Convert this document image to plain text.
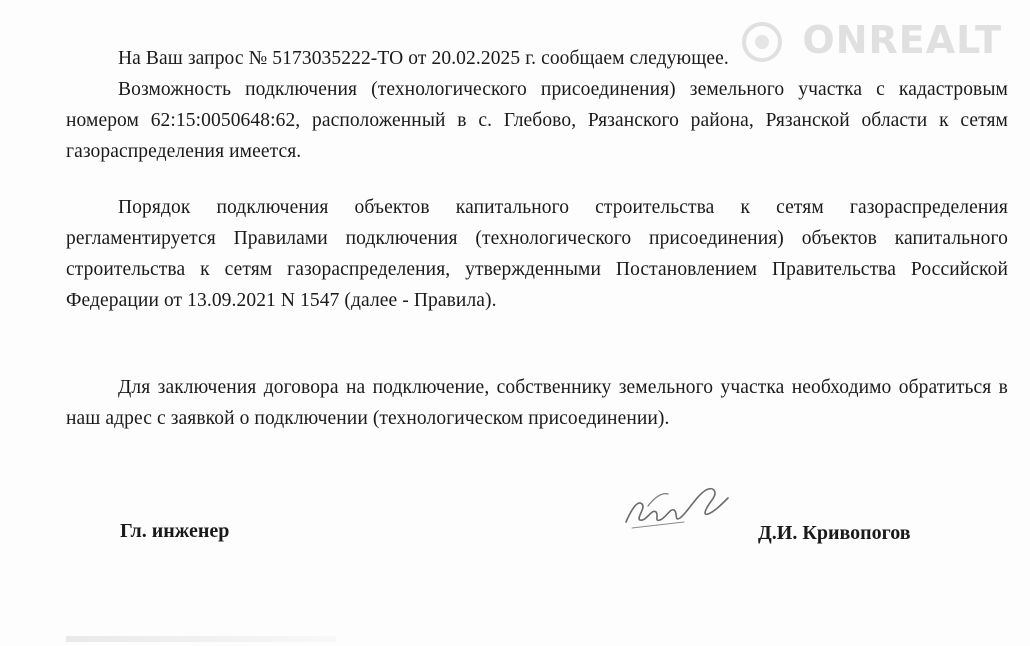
ONREALT

На Ваш запрос № 5173035222-ТО от 20.02.2025 г. сообщаем следующее.

Возможность подключения (технологического присоединения) земельного участка с кадастровым номером 62:15:0050648:62, расположенный в с. Глебово, Рязанского района, Рязанской области к сетям газораспределения имеется.

Порядок подключения объектов капитального строительства к сетям газораспределения регламентируется Правилами подключения (технологического присоединения) объектов капитального строительства к сетям газораспределения, утвержденными Постановлением Правительства Российской Федерации от 13.09.2021 N 1547 (далее - Правила).

Для заключения договора на подключение, собственнику земельного участка необходимо обратиться в наш адрес с заявкой о подключении (технологическом присоединении).

Гл. инженер	Д.И. Кривопогов
